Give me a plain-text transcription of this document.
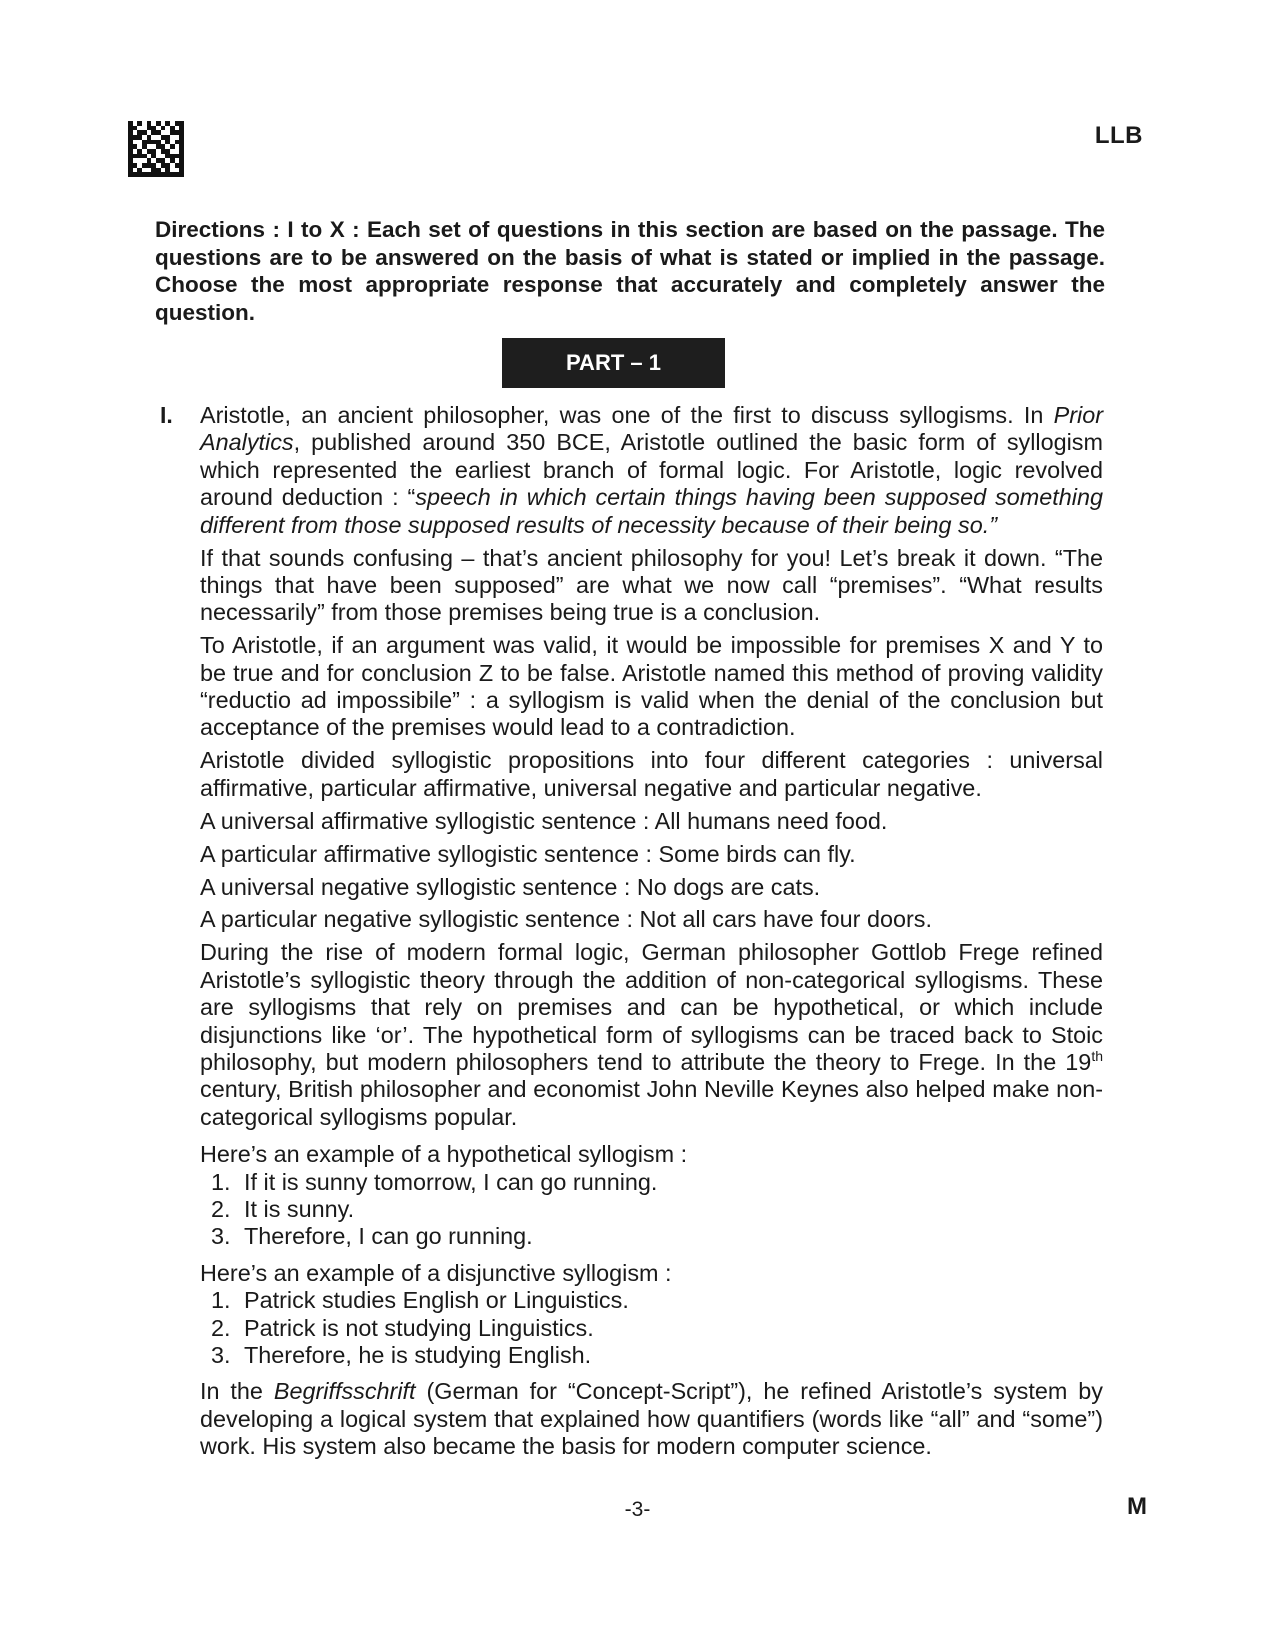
LLB
Directions : I to X : Each set of questions in this section are based on the passage. The questions are to be answered on the basis of what is stated or implied in the passage. Choose the most appropriate response that accurately and completely answer the question.
PART – 1
I. Aristotle, an ancient philosopher, was one of the first to discuss syllogisms. In Prior Analytics, published around 350 BCE, Aristotle outlined the basic form of syllogism which represented the earliest branch of formal logic. For Aristotle, logic revolved around deduction : “speech in which certain things having been supposed something different from those supposed results of necessity because of their being so.”

If that sounds confusing – that’s ancient philosophy for you! Let’s break it down. “The things that have been supposed” are what we now call “premises”. “What results necessarily” from those premises being true is a conclusion.

To Aristotle, if an argument was valid, it would be impossible for premises X and Y to be true and for conclusion Z to be false. Aristotle named this method of proving validity “reductio ad impossibile” : a syllogism is valid when the denial of the conclusion but acceptance of the premises would lead to a contradiction.

Aristotle divided syllogistic propositions into four different categories : universal affirmative, particular affirmative, universal negative and particular negative.

A universal affirmative syllogistic sentence : All humans need food.

A particular affirmative syllogistic sentence : Some birds can fly.

A universal negative syllogistic sentence : No dogs are cats.

A particular negative syllogistic sentence : Not all cars have four doors.

During the rise of modern formal logic, German philosopher Gottlob Frege refined Aristotle’s syllogistic theory through the addition of non-categorical syllogisms. These are syllogisms that rely on premises and can be hypothetical, or which include disjunctions like ‘or’. The hypothetical form of syllogisms can be traced back to Stoic philosophy, but modern philosophers tend to attribute the theory to Frege. In the 19th century, British philosopher and economist John Neville Keynes also helped make non-categorical syllogisms popular.

Here’s an example of a hypothetical syllogism :

1. If it is sunny tomorrow, I can go running.
2. It is sunny.
3. Therefore, I can go running.

Here’s an example of a disjunctive syllogism :

1. Patrick studies English or Linguistics.
2. Patrick is not studying Linguistics.
3. Therefore, he is studying English.

In the Begriffsschrift (German for “Concept-Script”), he refined Aristotle’s system by developing a logical system that explained how quantifiers (words like “all” and “some”) work. His system also became the basis for modern computer science.

-3-	M
